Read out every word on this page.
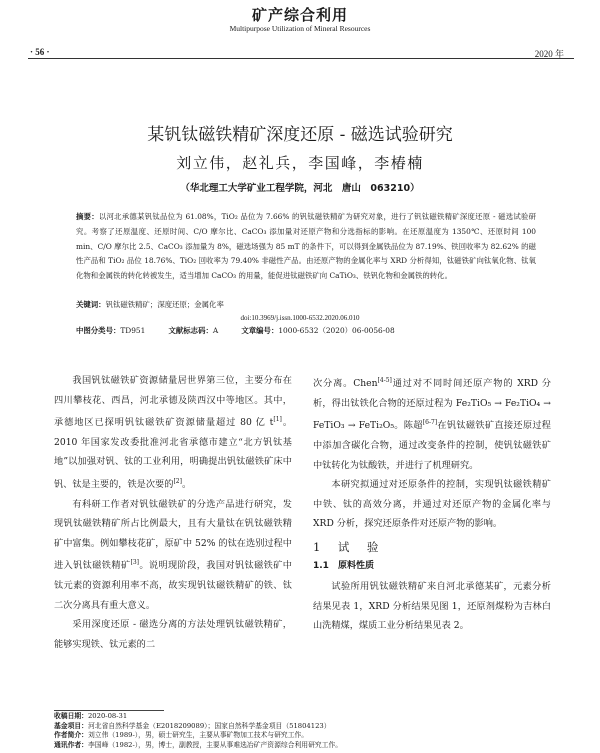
矿产综合利用
Multipurpose Utilization of Mineral Resources
· 56 ·	2020 年
某钒钛磁铁精矿深度还原 - 磁选试验研究
刘立伟，赵礼兵，李国峰，李椿楠
（华北理工大学矿业工程学院，河北　唐山　063210）
摘要：以河北承德某钒钛品位为 61.08%，TiO₂ 品位为 7.66% 的钒钛磁铁精矿为研究对象，进行了钒钛磁铁精矿深度还原 - 磁选试验研究。考察了还原温度、还原时间、C/O 摩尔比、CaCO₃ 添加量对还原产物和分选指标的影响。在还原温度为 1350℃、还原时间 100 min、C/O 摩尔比 2.5、CaCO₃ 添加量为 8%，磁选场强为 85 mT 的条件下，可以得到金属铁品位为 87.19%、铁回收率为 82.62% 的磁性产品和 TiO₂ 品位 18.76%、TiO₂ 回收率为 79.40% 非磁性产品。由还原产物的金属化率与 XRD 分析得知，钛磁铁矿向钛氧化物、钛氧化物和金属铁的转化转被发生，适当增加 CaCO₃ 的用量，能促进钛磁铁矿向 CaTiO₃、铁钒化物和金属铁的转化。
关键词：钒钛磁铁精矿；深度还原；金属化率
doi:10.3969/j.issn.1000-6532.2020.06.010
中图分类号：TD951	文献标志码：A	文章编号：1000-6532（2020）06-0056-08

我国钒钛磁铁矿资源储量居世界第三位，主要分布在四川攀枝花、西昌，河北承德及陕西汉中等地区。其中，承德地区已探明钒钛磁铁矿资源储量超过 80 亿 t[1]。2010 年国家发改委批准河北省承德市建立“北方钒钛基地”以加强对钒、钛的工业利用，明确提出钒钛磁铁矿床中钒、钛是主要的，铁是次要的[2]。

有科研工作者对钒钛磁铁矿的分选产品进行研究，发现钒钛磁铁精矿所占比例最大，且有大量钛在钒钛磁铁精矿中富集。例如攀枝花矿，原矿中 52% 的钛在选别过程中进入钒钛磁铁精矿[3]。说明现阶段，我国对钒钛磁铁矿中钛元素的资源利用率不高，故实现钒钛磁铁精矿的铁、钛二次分离具有重大意义。

采用深度还原 - 磁选分离的方法处理钒钛磁铁精矿，能够实现铁、钛元素的二

次分离。Chen[4-5]通过对不同时间还原产物的 XRD 分析，得出钛铁化合物的还原过程为 Fe₂TiO₅ → Fe₂TiO₄ → FeTiO₃ → FeTi₂O₅。陈超[6-7]在钒钛磁铁矿直接还原过程中添加含碳化合物，通过改变条件的控制，使钒钛磁铁矿中钛转化为钛酸铁，并进行了机理研究。

本研究拟通过对还原条件的控制，实现钒钛磁铁精矿中铁、钛的高效分离，并通过对还原产物的金属化率与 XRD 分析，探究还原条件对还原产物的影响。

1　试　验
1.1　原料性质

试验所用钒钛磁铁精矿来自河北承德某矿，元素分析结果见表 1，XRD 分析结果见图 1，还原剂煤粉为吉林白山洗精煤，煤质工业分析结果见表 2。

收稿日期：2020-08-31
基金项目：河北省自然科学基金（E2018209089）；国家自然科学基金项目（51804123）
作者简介：刘立伟（1989-），男，硕士研究生，主要从事矿物加工技术与研究工作。
通讯作者：李国峰（1982-），男，博士，副教授，主要从事难选冶矿产资源综合利用研究工作。
